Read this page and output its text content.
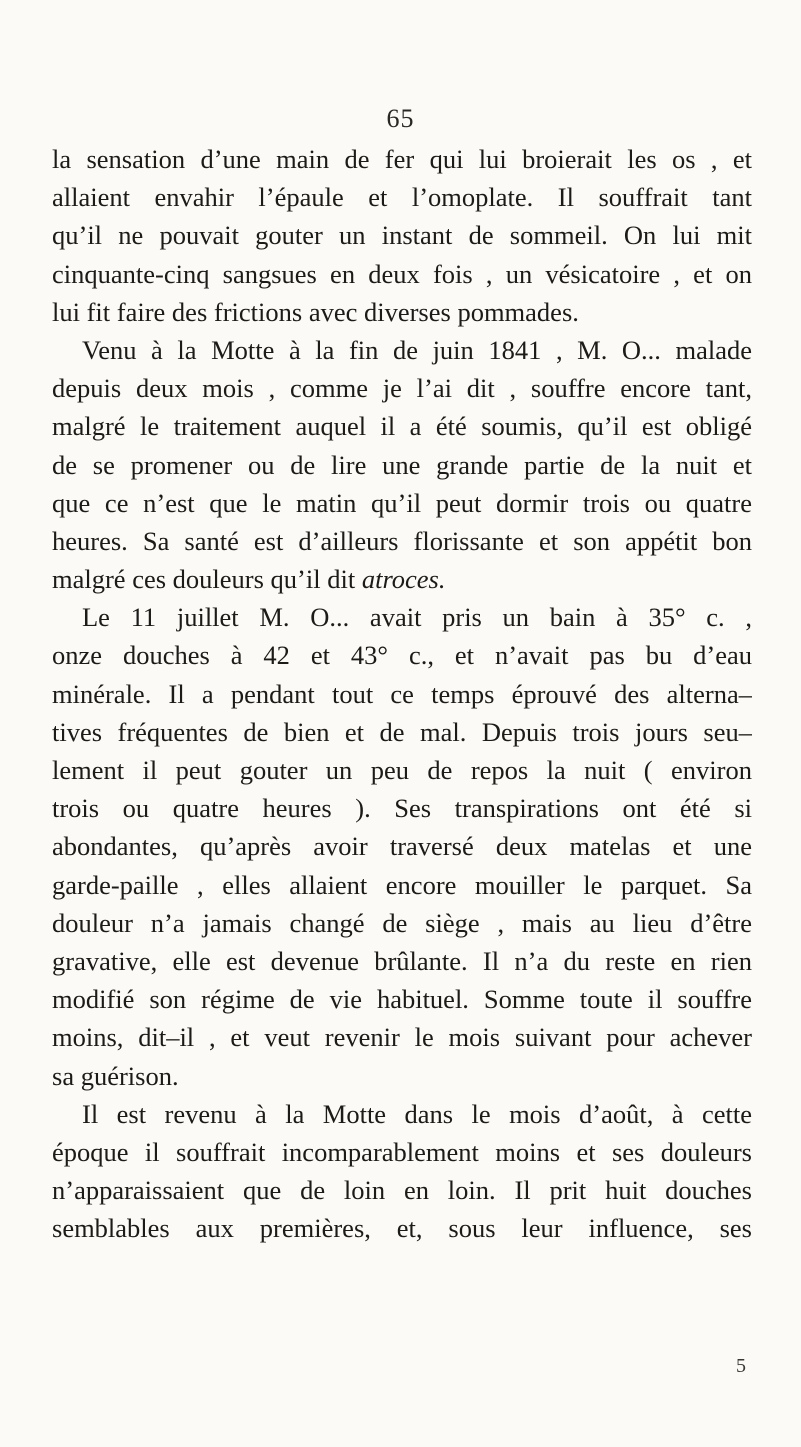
65

la sensation d’une main de fer qui lui broierait les os , et
allaient envahir l’épaule et l’omoplate. Il souffrait tant
qu’il ne pouvait gouter un instant de sommeil. On lui mit
cinquante-cinq sangsues en deux fois , un vésicatoire , et on
lui fit faire des frictions avec diverses pommades.

Venu à la Motte à la fin de juin 1841 , M. O... malade
depuis deux mois , comme je l’ai dit , souffre encore tant,
malgré le traitement auquel il a été soumis, qu’il est obligé
de se promener ou de lire une grande partie de la nuit et
que ce n’est que le matin qu’il peut dormir trois ou quatre
heures. Sa santé est d’ailleurs florissante et son appétit bon
malgré ces douleurs qu’il dit atroces.

Le 11 juillet M. O... avait pris un bain à 35° c. ,
onze douches à 42 et 43° c., et n’avait pas bu d’eau
minérale. Il a pendant tout ce temps éprouvé des alterna–
tives fréquentes de bien et de mal. Depuis trois jours seu–
lement il peut gouter un peu de repos la nuit ( environ
trois ou quatre heures ). Ses transpirations ont été si
abondantes, qu’après avoir traversé deux matelas et une
garde-paille , elles allaient encore mouiller le parquet. Sa
douleur n’a jamais changé de siège , mais au lieu d’être
gravative, elle est devenue brûlante. Il n’a du reste en rien
modifié son régime de vie habituel. Somme toute il souffre
moins, dit–il , et veut revenir le mois suivant pour achever
sa guérison.

Il est revenu à la Motte dans le mois d’août, à cette
époque il souffrait incomparablement moins et ses douleurs
n’apparaissaient que de loin en loin. Il prit huit douches
semblables aux premières, et, sous leur influence, ses

5
